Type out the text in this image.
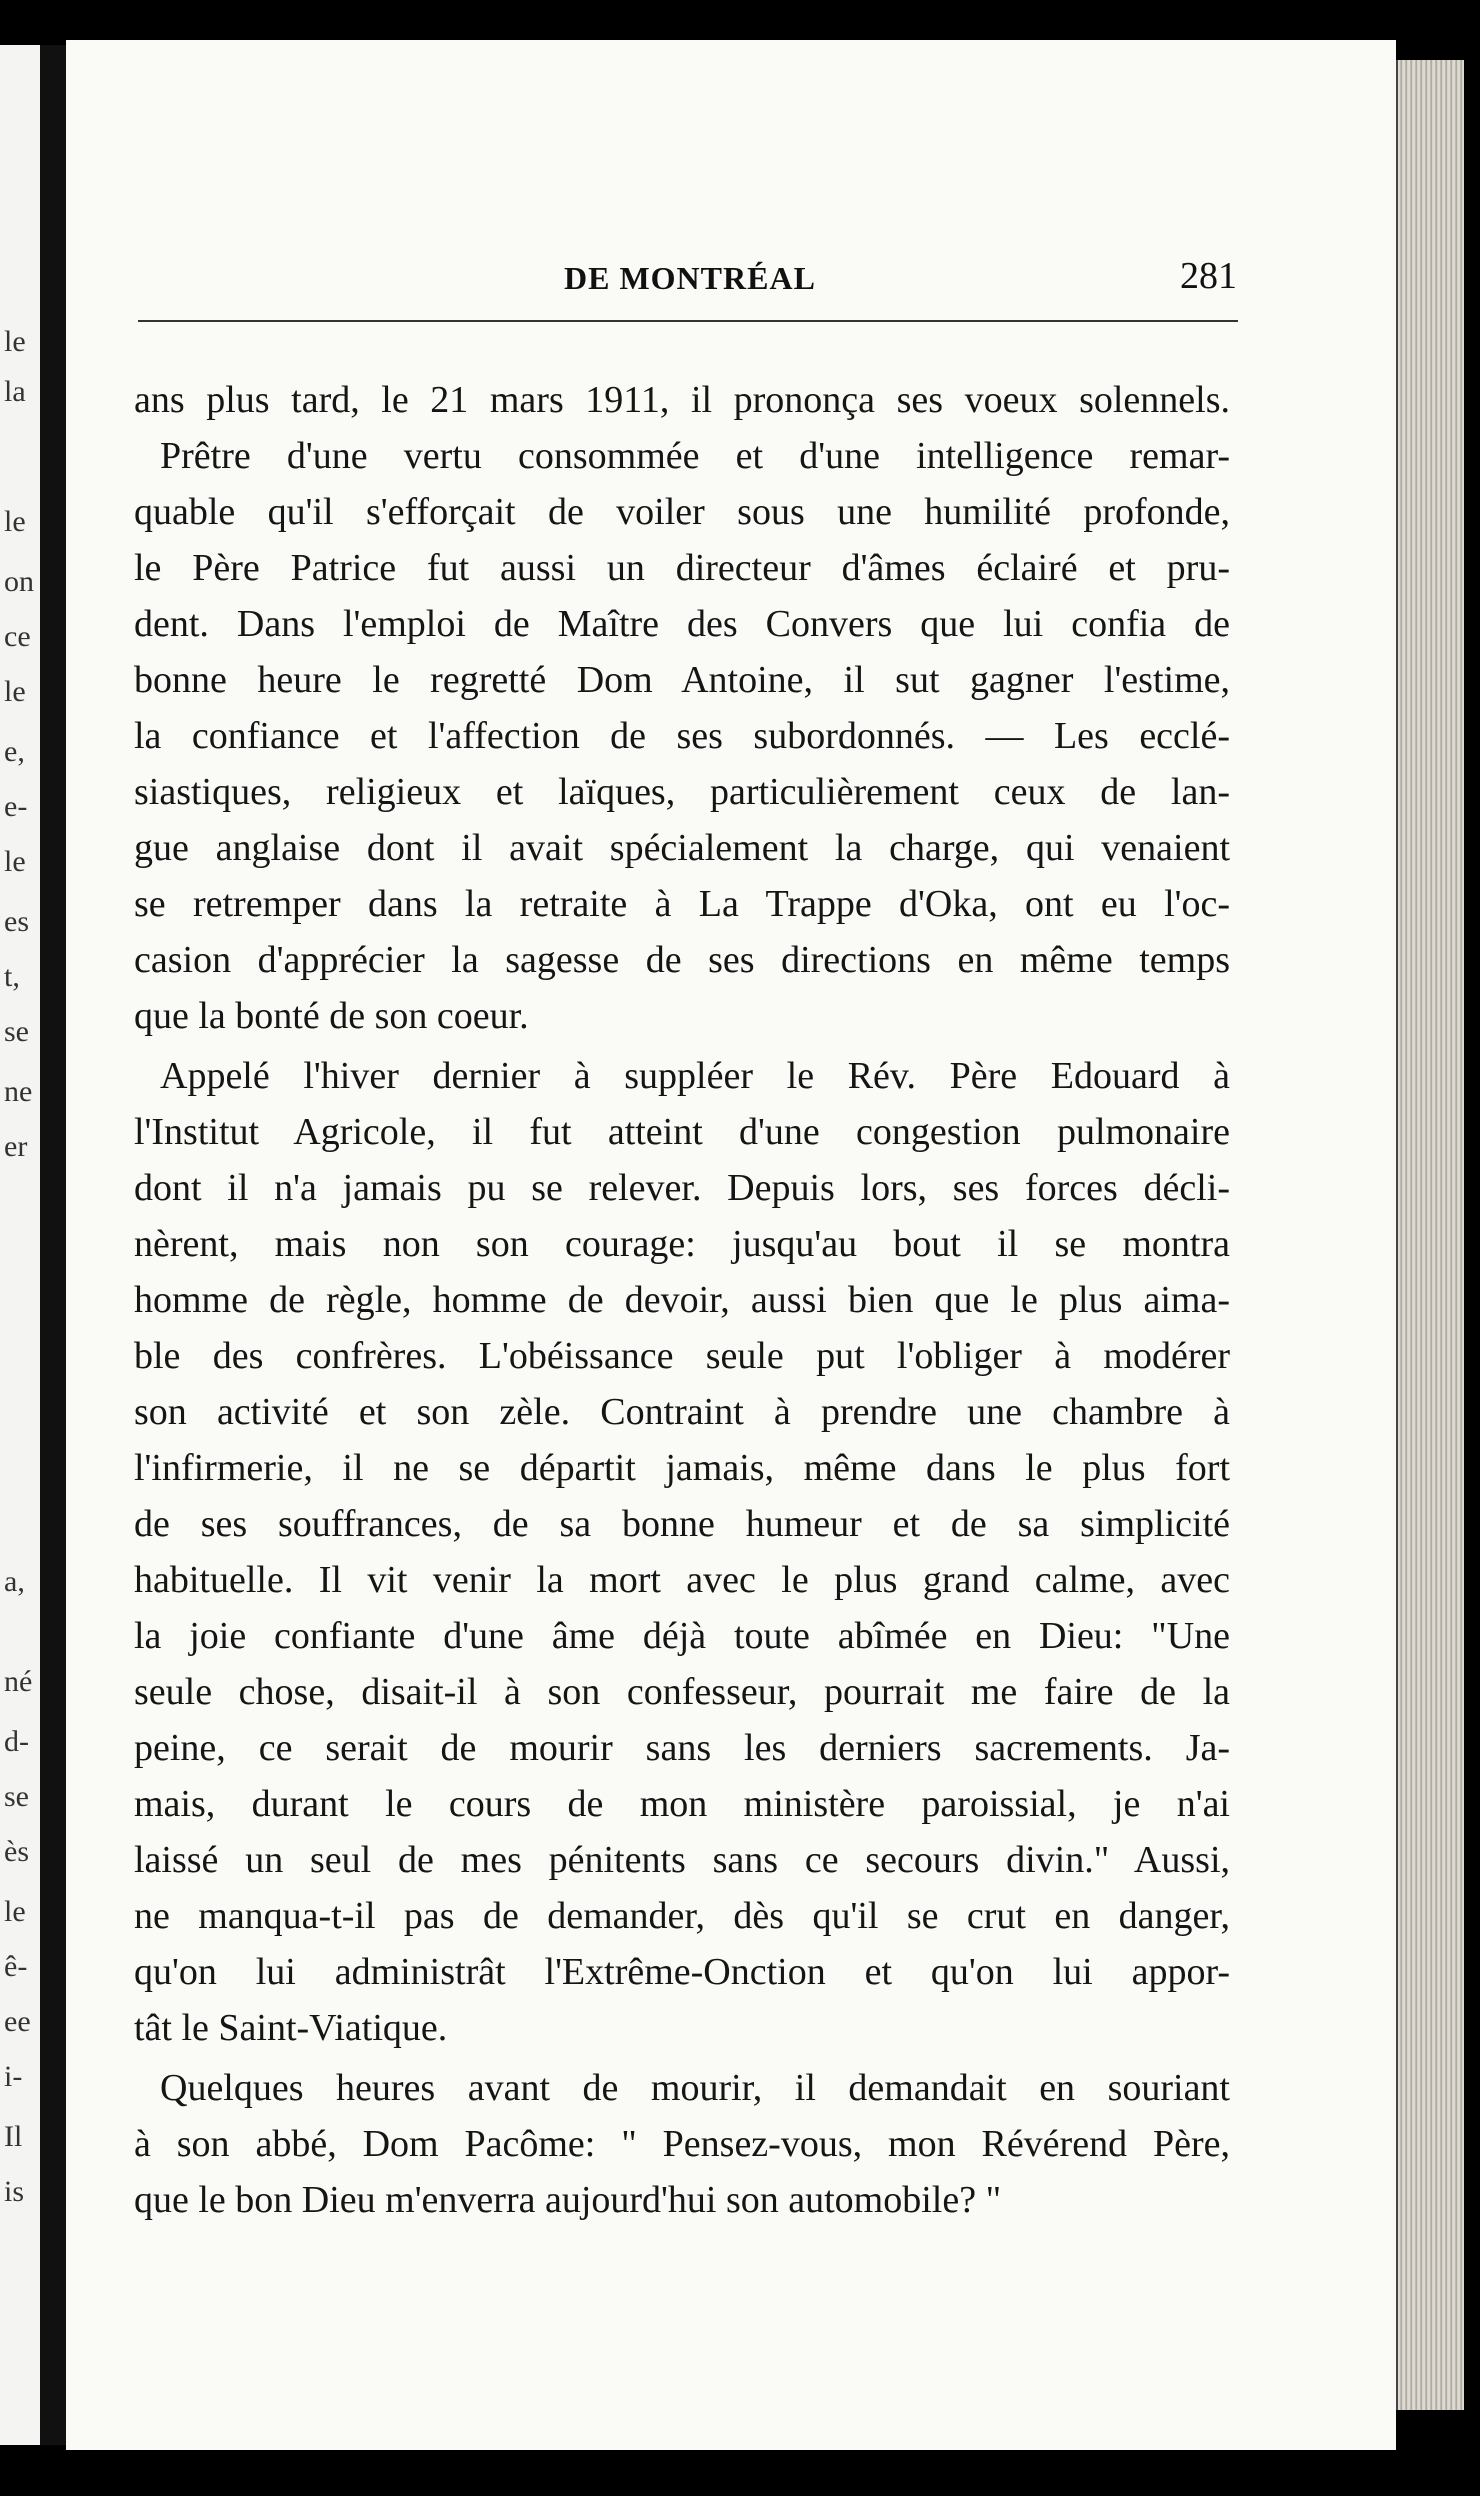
le
la
le
on
ce
le
e,
e-
le
es
t,
se
ne
er
a,
né
d-
se
ès
le
ê-
ee
i-
Il
is
DE MONTRÉAL	281
ans plus tard, le 21 mars 1911, il prononça ses voeux solennels.
Prêtre d'une vertu consommée et d'une intelligence remar-
quable qu'il s'efforçait de voiler sous une humilité profonde,
le Père Patrice fut aussi un directeur d'âmes éclairé et pru-
dent. Dans l'emploi de Maître des Convers que lui confia de
bonne heure le regretté Dom Antoine, il sut gagner l'estime,
la confiance et l'affection de ses subordonnés. — Les ecclé-
siastiques, religieux et laïques, particulièrement ceux de lan-
gue anglaise dont il avait spécialement la charge, qui venaient
se retremper dans la retraite à La Trappe d'Oka, ont eu l'oc-
casion d'apprécier la sagesse de ses directions en même temps
que la bonté de son coeur.
Appelé l'hiver dernier à suppléer le Rév. Père Edouard à
l'Institut Agricole, il fut atteint d'une congestion pulmonaire
dont il n'a jamais pu se relever. Depuis lors, ses forces décli-
nèrent, mais non son courage: jusqu'au bout il se montra
homme de règle, homme de devoir, aussi bien que le plus aima-
ble des confrères. L'obéissance seule put l'obliger à modérer
son activité et son zèle. Contraint à prendre une chambre à
l'infirmerie, il ne se départit jamais, même dans le plus fort
de ses souffrances, de sa bonne humeur et de sa simplicité
habituelle. Il vit venir la mort avec le plus grand calme, avec
la joie confiante d'une âme déjà toute abîmée en Dieu: "Une
seule chose, disait-il à son confesseur, pourrait me faire de la
peine, ce serait de mourir sans les derniers sacrements. Ja-
mais, durant le cours de mon ministère paroissial, je n'ai
laissé un seul de mes pénitents sans ce secours divin." Aussi,
ne manqua-t-il pas de demander, dès qu'il se crut en danger,
qu'on lui administrât l'Extrême-Onction et qu'on lui appor-
tât le Saint-Viatique.
Quelques heures avant de mourir, il demandait en souriant
à son abbé, Dom Pacôme: " Pensez-vous, mon Révérend Père,
que le bon Dieu m'enverra aujourd'hui son automobile? "
